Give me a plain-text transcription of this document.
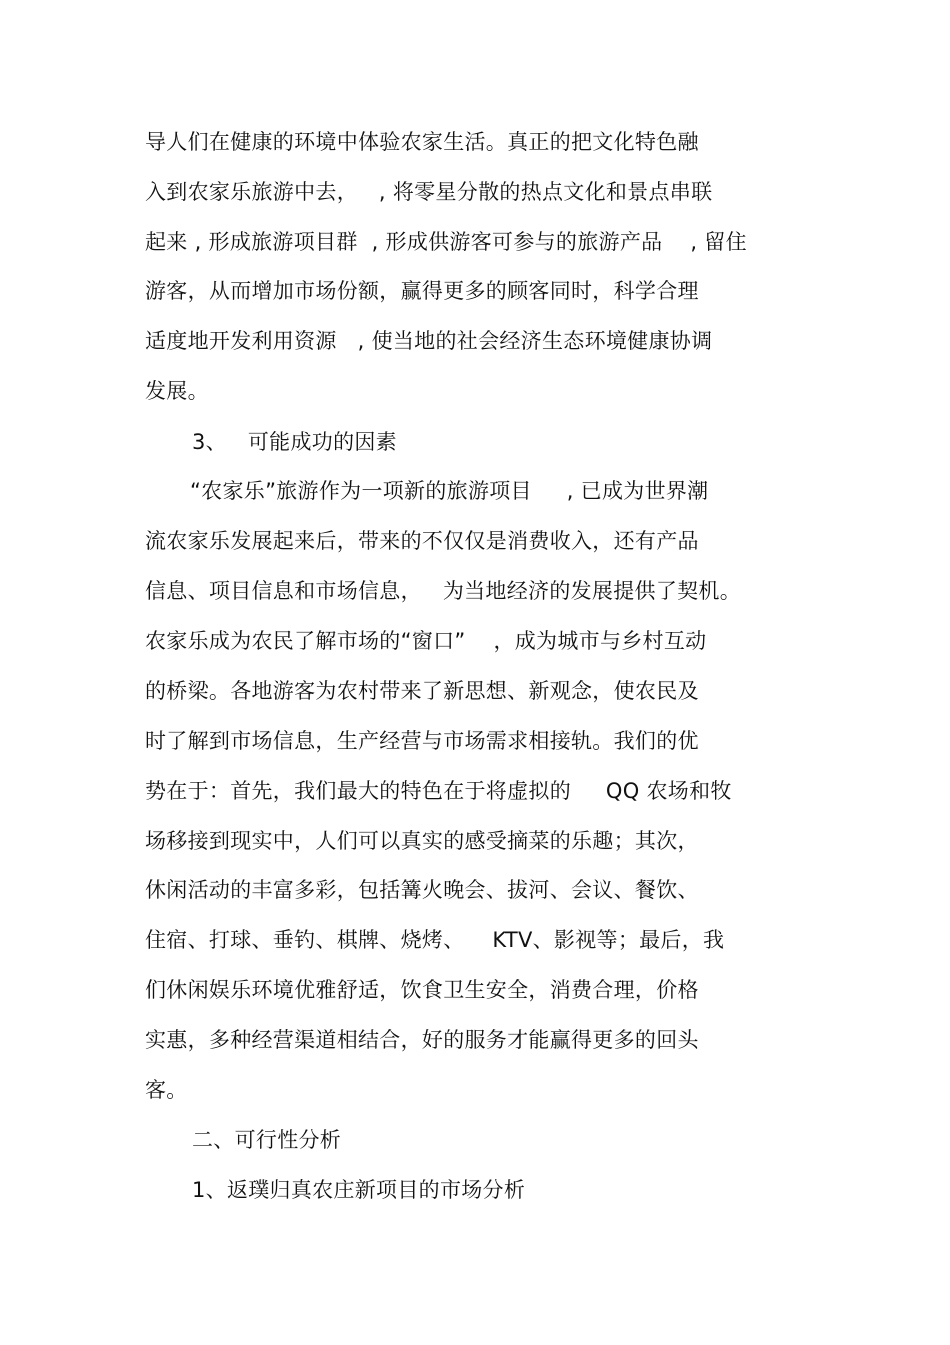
导人们在健康的环境中体验农家生活。真正的把文化特色融
入到农家乐旅游中去，   , 将零星分散的热点文化和景点串联
起来 , 形成旅游项目群  , 形成供游客可参与的旅游产品    , 留住
游客，从而增加市场份额，赢得更多的顾客同时，科学合理
适度地开发利用资源   , 使当地的社会经济生态环境健康协调
发展。
3、   可能成功的因素
“农家乐”旅游作为一项新的旅游项目     , 已成为世界潮
流农家乐发展起来后，带来的不仅仅是消费收入，还有产品
信息、项目信息和市场信息，   为当地经济的发展提供了契机。
农家乐成为农民了解市场的“窗口”    ，成为城市与乡村互动
的桥梁。各地游客为农村带来了新思想、新观念，使农民及
时了解到市场信息，生产经营与市场需求相接轨。我们的优
势在于：首先，我们最大的特色在于将虚拟的     QQ 农场和牧
场移接到现实中，人们可以真实的感受摘菜的乐趣；其次，
休闲活动的丰富多彩，包括篝火晚会、拔河、会议、餐饮、
住宿、打球、垂钓、棋牌、烧烤、    KTV、影视等；最后，我
们休闲娱乐环境优雅舒适，饮食卫生安全，消费合理，价格
实惠，多种经营渠道相结合，好的服务才能赢得更多的回头
客。
二、可行性分析
1、返璞归真农庄新项目的市场分析
